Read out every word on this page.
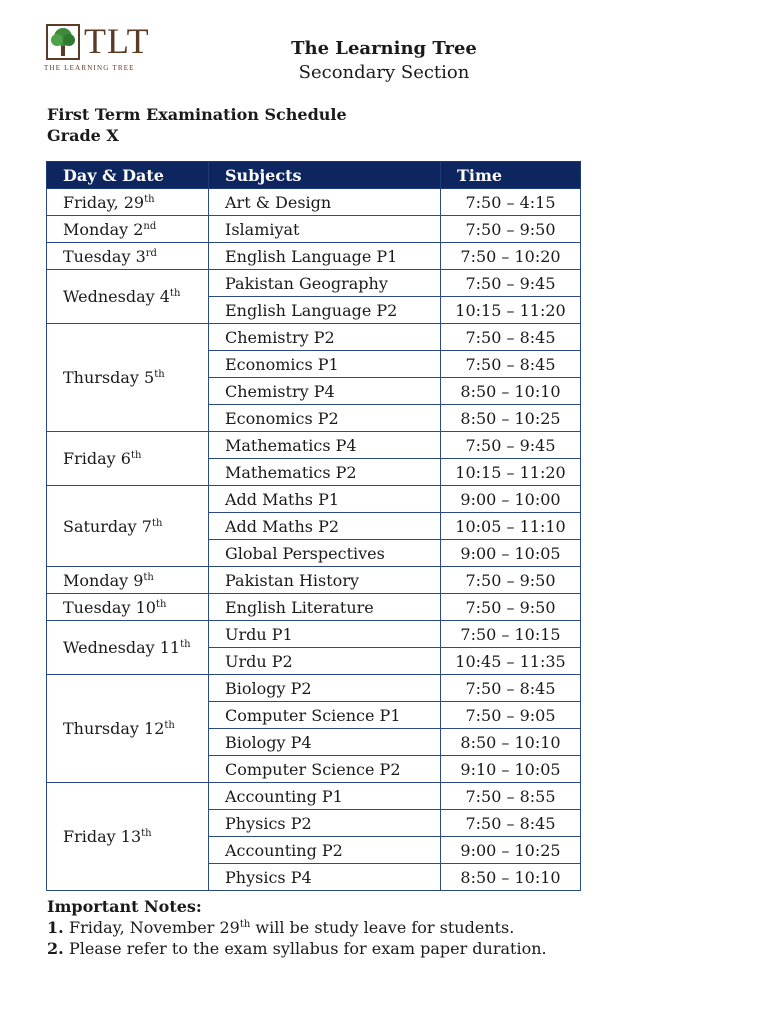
TLT
THE LEARNING TREE
The Learning Tree
Secondary Section
First Term Examination Schedule
Grade X
Day & Date	Subjects	Time
Friday, 29th	Art & Design	7:50 – 4:15
Monday 2nd	Islamiyat	7:50 – 9:50
Tuesday 3rd	English Language P1	7:50 – 10:20
Wednesday 4th	Pakistan Geography	7:50 – 9:45
	English Language P2	10:15 – 11:20
Thursday 5th	Chemistry P2	7:50 – 8:45
	Economics P1	7:50 – 8:45
	Chemistry P4	8:50 – 10:10
	Economics P2	8:50 – 10:25
Friday 6th	Mathematics P4	7:50 – 9:45
	Mathematics P2	10:15 – 11:20
Saturday 7th	Add Maths P1	9:00 – 10:00
	Add Maths P2	10:05 – 11:10
	Global Perspectives	9:00 – 10:05
Monday 9th	Pakistan History	7:50 – 9:50
Tuesday 10th	English Literature	7:50 – 9:50
Wednesday 11th	Urdu P1	7:50 – 10:15
	Urdu P2	10:45 – 11:35
Thursday 12th	Biology P2	7:50 – 8:45
	Computer Science P1	7:50 – 9:05
	Biology P4	8:50 – 10:10
	Computer Science P2	9:10 – 10:05
Friday 13th	Accounting P1	7:50 – 8:55
	Physics P2	7:50 – 8:45
	Accounting P2	9:00 – 10:25
	Physics P4	8:50 – 10:10
Important Notes:
1. Friday, November 29th will be study leave for students.
2. Please refer to the exam syllabus for exam paper duration.
